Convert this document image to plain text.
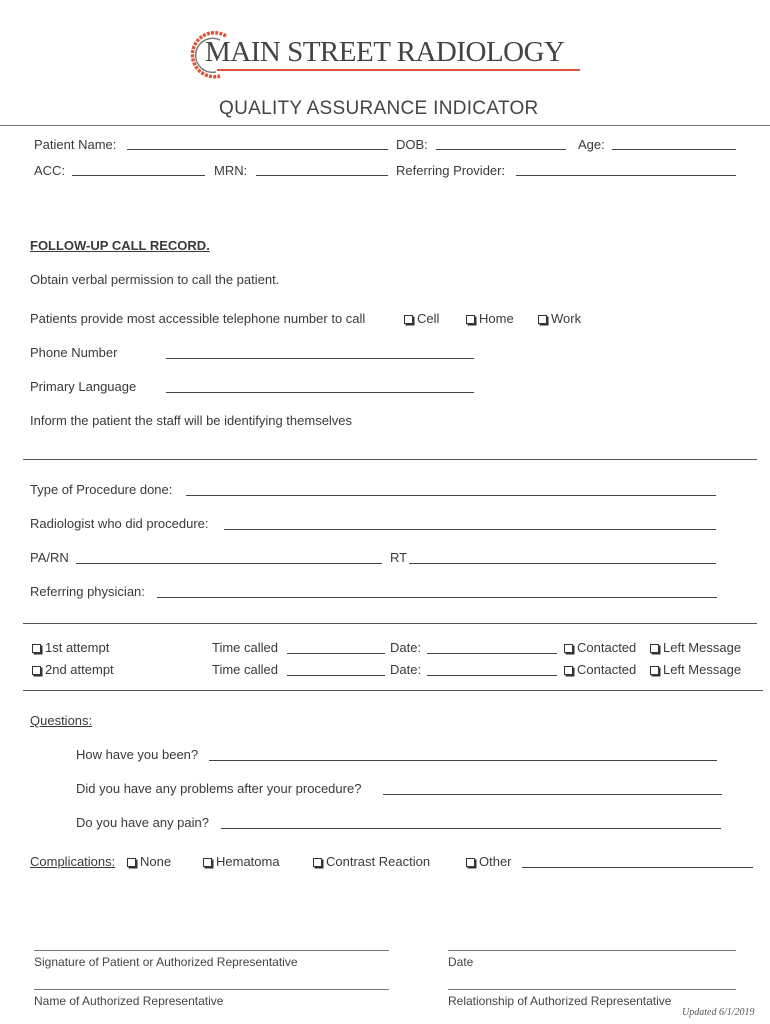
MAIN STREET RADIOLOGY
QUALITY ASSURANCE INDICATOR
Patient Name:	DOB:	Age:
ACC:	MRN:	Referring Provider:
FOLLOW-UP CALL RECORD.
Obtain verbal permission to call the patient.
Patients provide most accessible telephone number to call	Cell	Home	Work
Phone Number
Primary Language
Inform the patient the staff will be identifying themselves
Type of Procedure done:
Radiologist who did procedure:
PA/RN	RT
Referring physician:
1st attempt	Time called	Date:	Contacted	Left Message
2nd attempt	Time called	Date:	Contacted	Left Message
Questions:
How have you been?
Did you have any problems after your procedure?
Do you have any pain?
Complications:	None	Hematoma	Contrast Reaction	Other
Signature of Patient or Authorized Representative	Date
Name of Authorized Representative	Relationship of Authorized Representative
Updated 6/1/2019
